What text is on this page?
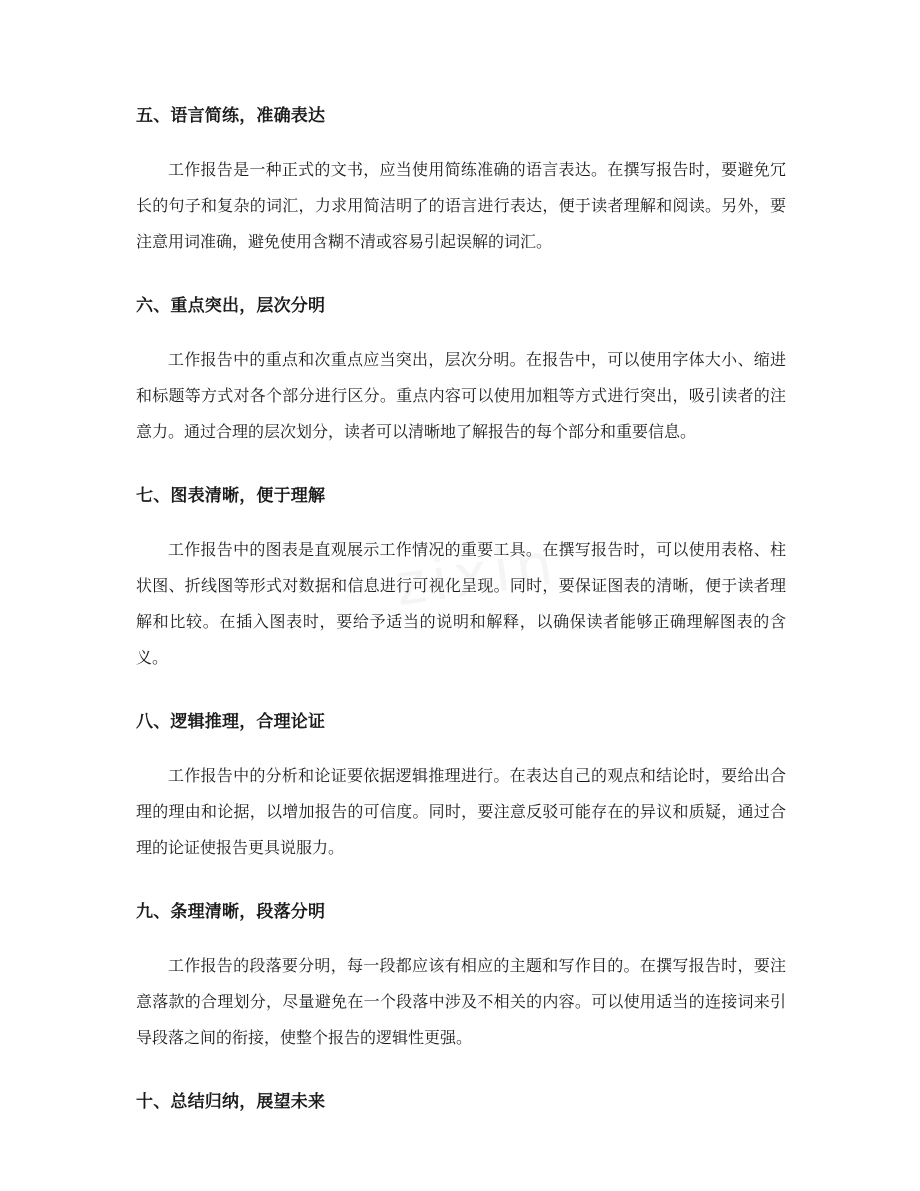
zixin
五、语言简练，准确表达

工作报告是一种正式的文书，应当使用简练准确的语言表达。在撰写报告时，要避免冗长的句子和复杂的词汇，力求用简洁明了的语言进行表达，便于读者理解和阅读。另外，要注意用词准确，避免使用含糊不清或容易引起误解的词汇。

六、重点突出，层次分明

工作报告中的重点和次重点应当突出，层次分明。在报告中，可以使用字体大小、缩进和标题等方式对各个部分进行区分。重点内容可以使用加粗等方式进行突出，吸引读者的注意力。通过合理的层次划分，读者可以清晰地了解报告的每个部分和重要信息。

七、图表清晰，便于理解

工作报告中的图表是直观展示工作情况的重要工具。在撰写报告时，可以使用表格、柱状图、折线图等形式对数据和信息进行可视化呈现。同时，要保证图表的清晰，便于读者理解和比较。在插入图表时，要给予适当的说明和解释，以确保读者能够正确理解图表的含义。

八、逻辑推理，合理论证

工作报告中的分析和论证要依据逻辑推理进行。在表达自己的观点和结论时，要给出合理的理由和论据，以增加报告的可信度。同时，要注意反驳可能存在的异议和质疑，通过合理的论证使报告更具说服力。

九、条理清晰，段落分明

工作报告的段落要分明，每一段都应该有相应的主题和写作目的。在撰写报告时，要注意落款的合理划分，尽量避免在一个段落中涉及不相关的内容。可以使用适当的连接词来引导段落之间的衔接，使整个报告的逻辑性更强。

十、总结归纳，展望未来
